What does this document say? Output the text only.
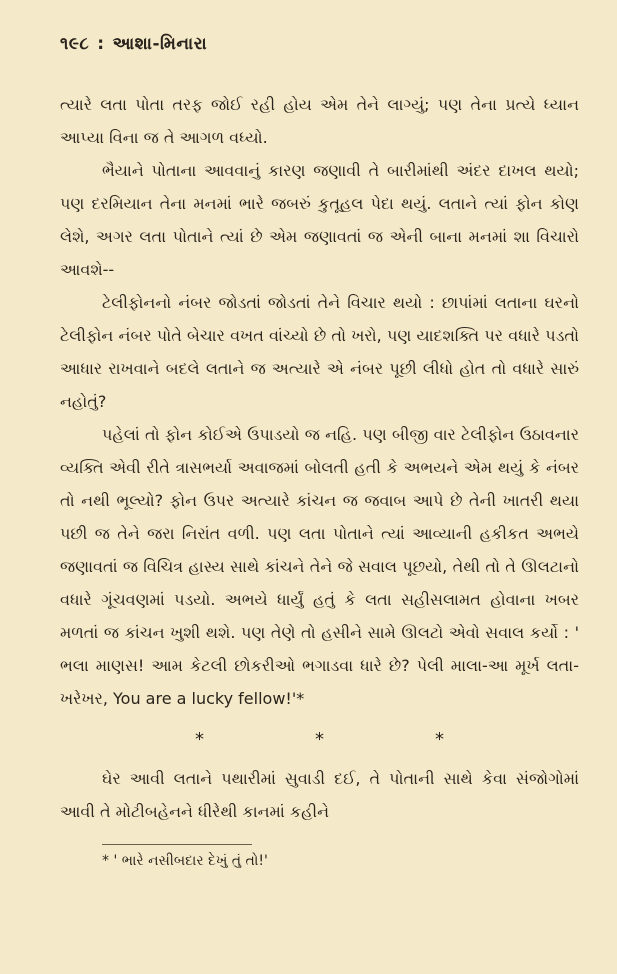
૧૯૮ : આશા-મિનારા

ત્યારે લતા પોતા તરફ જોઈ રહી હોય એમ તેને લાગ્યું; પણ તેના પ્રત્યે ધ્યાન આપ્યા વિના જ તે આગળ વધ્યો.

ભૈયાને પોતાના આવવાનું કારણ જણાવી તે બારીમાંથી અંદર દાખલ થયો; પણ દરમિયાન તેના મનમાં ભારે જબરું કુતૂહલ પેદા થયું. લતાને ત્યાં ફોન કોણ લેશે, અગર લતા પોતાને ત્યાં છે એમ જણાવતાં જ એની બાના મનમાં શા વિચારો આવશે--

ટેલીફોનનો નંબર જોડતાં જોડતાં તેને વિચાર થયો : છાપાંમાં લતાના ઘરનો ટેલીફોન નંબર પોતે બેચાર વખત વાંચ્યો છે તો ખરો, પણ યાદશક્તિ પર વધારે પડતો આધાર રાખવાને બદલે લતાને જ અત્યારે એ નંબર પૂછી લીધો હોત તો વધારે સારું નહોતું?

પહેલાં તો ફોન કોઈએ ઉપાડયો જ નહિ. પણ બીજી વાર ટેલીફોન ઉઠાવનાર વ્યક્તિ એવી રીતે ત્રાસભર્યા અવાજમાં બોલતી હતી કે અભયને એમ થયું કે નંબર તો નથી ભૂલ્યો? ફોન ઉપર અત્યારે કાંચન જ જવાબ આપે છે તેની ખાતરી થયા પછી જ તેને જરા નિરાંત વળી. પણ લતા પોતાને ત્યાં આવ્યાની હકીકત અભયે જણાવતાં જ વિચિત્ર હાસ્ય સાથે કાંચને તેને જે સવાલ પૂછયો, તેથી તો તે ઊલટાનો વધારે ગૂંચવણમાં પડયો. અભયે ધાર્યું હતું કે લતા સહીસલામત હોવાના ખબર મળતાં જ કાંચન ખુશી થશે. પણ તેણે તો હસીને સામે ઊલટો એવો સવાલ કર્યો : ' ભલા માણસ! આમ કેટલી છોકરીઓ ભગાડવા ધારે છે? પેલી માલા-આ મૂર્ખ લતા-ખરેખર, You are a lucky fellow!'*

*	*	*

ઘેર આવી લતાને પથારીમાં સુવાડી દઈ, તે પોતાની સાથે કેવા સંજોગોમાં આવી તે મોટીબહેનને ધીરેથી કાનમાં કહીને

* ' ભારે નસીબદાર દેખું તું તો!'
